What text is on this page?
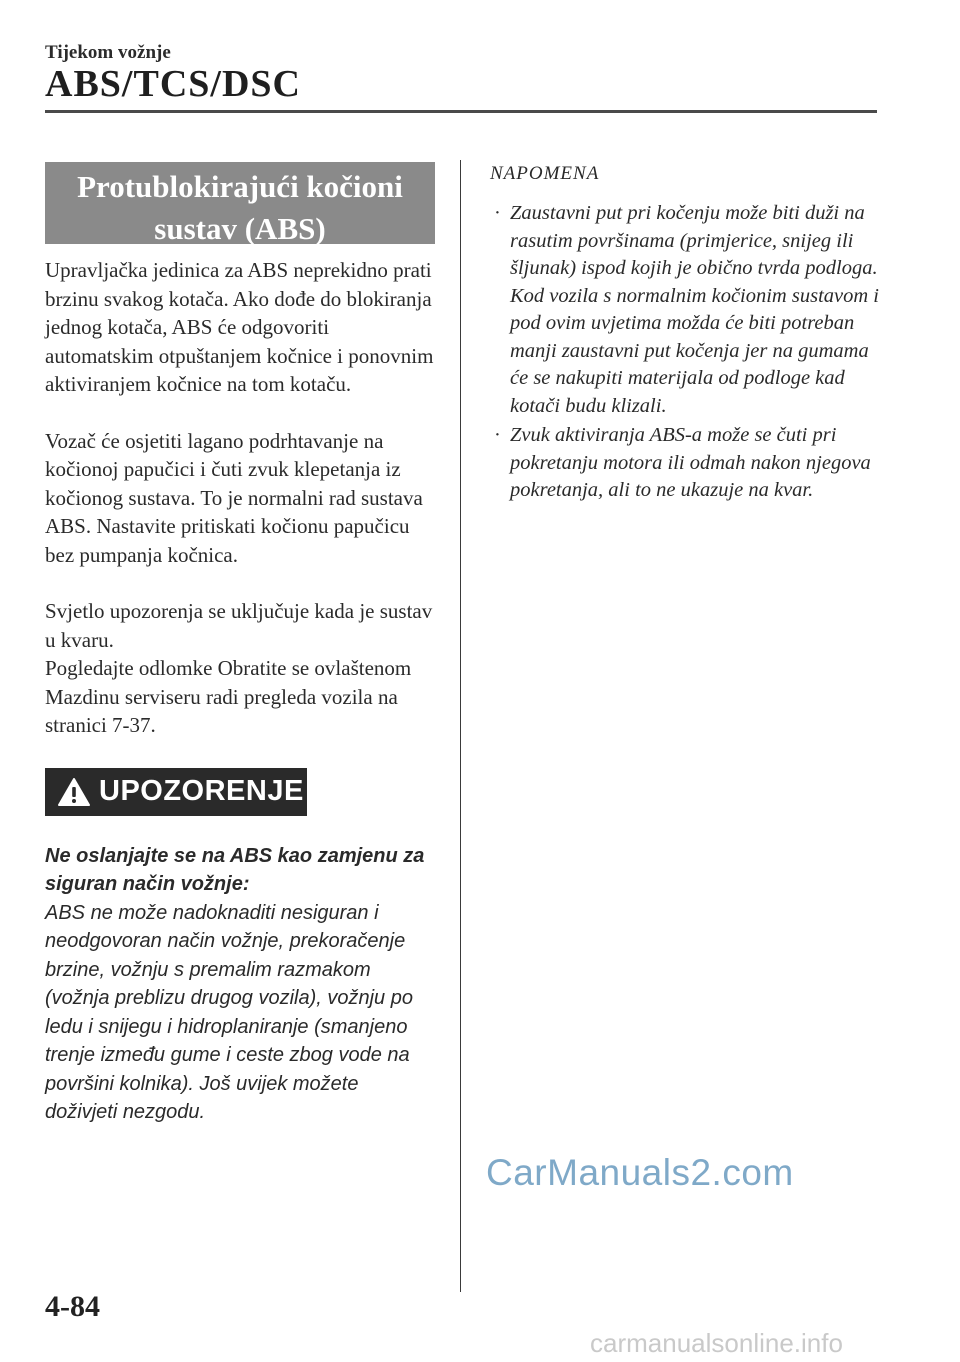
Tijekom vožnje
ABS/TCS/DSC
Protublokirajući kočioni
sustav (ABS)

Upravljačka jedinica za ABS neprekidno prati brzinu svakog kotača. Ako dođe do blokiranja jednog kotača, ABS će odgovoriti automatskim otpuštanjem kočnice i ponovnim aktiviranjem kočnice na tom kotaču.

Vozač će osjetiti lagano podrhtavanje na kočionoj papučici i čuti zvuk klepetanja iz kočionog sustava. To je normalni rad sustava ABS. Nastavite pritiskati kočionu papučicu bez pumpanja kočnica.

Svjetlo upozorenja se uključuje kada je sustav u kvaru.

Pogledajte odlomke Obratite se ovlaštenom Mazdinu serviseru radi pregleda vozila na stranici 7-37.

UPOZORENJE
Ne oslanjajte se na ABS kao zamjenu za siguran način vožnje:
ABS ne može nadoknaditi nesiguran i neodgovoran način vožnje, prekoračenje brzine, vožnju s premalim razmakom (vožnja preblizu drugog vozila), vožnju po ledu i snijegu i hidroplaniranje (smanjeno trenje između gume i ceste zbog vode na površini kolnika). Još uvijek možete doživjeti nezgodu.
NAPOMENA
· Zaustavni put pri kočenju može biti duži na rasutim površinama (primjerice, snijeg ili šljunak) ispod kojih je obično tvrda podloga. Kod vozila s normalnim kočionim sustavom i pod ovim uvjetima možda će biti potreban manji zaustavni put kočenja jer na gumama će se nakupiti materijala od podloge kad kotači budu klizali.
· Zvuk aktiviranja ABS-a može se čuti pri pokretanju motora ili odmah nakon njegova pokretanja, ali to ne ukazuje na kvar.
CarManuals2.com
4-84
carmanualsonline.info
